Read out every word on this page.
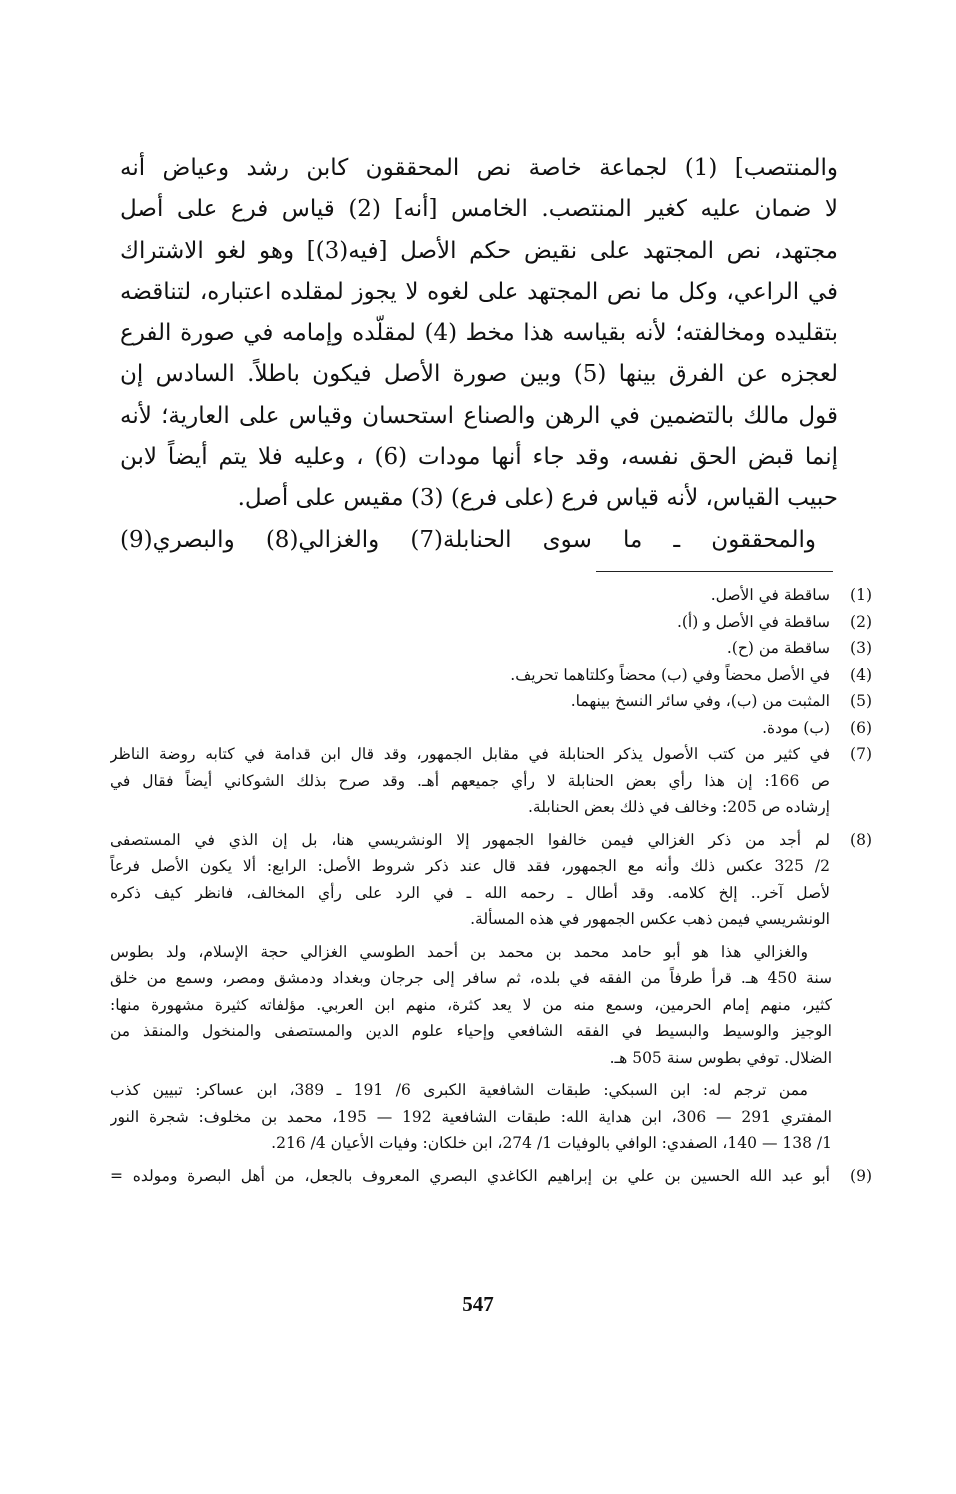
والمنتصب] (1) لجماعة خاصة نص المحققون كابن رشد وعياض أنه
لا ضمان عليه كغير المنتصب. الخامس [أنه] (2) قياس فرع على أصل
مجتهد، نص المجتهد على نقيض حكم الأصل [فيه(3)] وهو لغو الاشتراك
في الراعي، وكل ما نص المجتهد على لغوه لا يجوز لمقلده اعتباره، لتناقضه
بتقليده ومخالفته؛ لأنه بقياسه هذا مخط (4) لمقلّده وإمامه في صورة الفرع
لعجزه عن الفرق بينها (5) وبين صورة الأصل فيكون باطلاً. السادس إن
قول مالك بالتضمين في الرهن والصناع استحسان وقياس على العارية؛ لأنه
إنما قبض الحق نفسه، وقد جاء أنها مودات (6) ، وعليه فلا يتم أيضاً لابن
حبيب القياس، لأنه قياس فرع (على فرع) (3) مقيس على أصل.
والمحققون ـ ما سوى الحنابلة(7) والغزالي(8) والبصري(9)
(1)
ساقطة في الأصل.
(2)
ساقطة في الأصل و (أ).
(3)
ساقطة من (ح).
(4)
في الأصل محضاً وفي (ب) محضاً وكلتاهما تحريف.
(5)
المثبت من (ب)، وفي سائر النسخ بينهما.
(6)
(ب) مودة.
(7)
في كثير من كتب الأصول يذكر الحنابلة في مقابل الجمهور، وقد قال ابن قدامة في كتابه روضة الناظر
ص 166: إن هذا رأي بعض الحنابلة لا رأي جميعهم أهـ. وقد صرح بذلك الشوكاني أيضاً فقال في
إرشاده ص 205: وخالف في ذلك بعض الحنابلة.
(8)
لم أجد من ذكر الغزالي فيمن خالفوا الجمهور إلا الونشريسي هنا، بل إن الذي في المستصفى
2/ 325 عكس ذلك وأنه مع الجمهور، فقد قال عند ذكر شروط الأصل: الرابع: ألا يكون الأصل فرعاً
لأصل آخر.. إلخ كلامه. وقد أطال ـ رحمه الله ـ في الرد على رأي المخالف، فانظر كيف ذكره
الونشريسي فيمن ذهب عكس الجمهور في هذه المسألة.
والغزالي هذا هو أبو حامد محمد بن محمد بن أحمد الطوسي الغزالي حجة الإسلام، ولد بطوس
سنة 450 هـ. قرأ طرفاً من الفقه في بلده، ثم سافر إلى جرجان وبغداد ودمشق ومصر، وسمع من خلق
كثير، منهم إمام الحرمين، وسمع منه من لا يعد كثرة، منهم ابن العربي. مؤلفاته كثيرة مشهورة منها:
الوجيز والوسيط والبسيط في الفقه الشافعي وإحياء علوم الدين والمستصفى والمنخول والمنقذ من
الضلال. توفي بطوس سنة 505 هـ.
ممن ترجم له: ابن السبكي: طبقات الشافعية الكبرى 6/ 191 ـ 389، ابن عساكر: تبيين كذب
المفتري 291 — 306، ابن هداية الله: طبقات الشافعية 192 — 195، محمد بن مخلوف: شجرة النور
1/ 138 — 140، الصفدي: الوافي بالوفيات 1/ 274، ابن خلكان: وفيات الأعيان 4/ 216.
(9)
أبو عبد الله الحسين بن علي بن إبراهيم الكاغدي البصري المعروف بالجعل، من أهل البصرة ومولده =
547
